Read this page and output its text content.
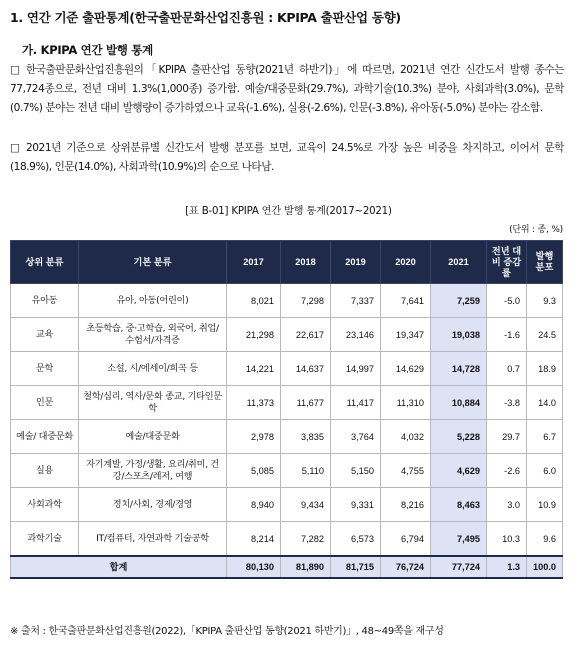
1. 연간 기준 출판통계(한국출판문화산업진흥원 : KPIPA 출판산업 동향)
가. KPIPA 연간 발행 통계
□ 한국출판문화산업진흥원의「KPIPA 출판산업 동향(2021년 하반기)」에 따르면, 2021년 연간 신간도서 발행 종수는 77,724종으로, 전년 대비 1.3%(1,000종) 증가함. 예술/대중문화(29.7%), 과학기술(10.3%) 분야, 사회과학(3.0%), 문학(0.7%) 분야는 전년 대비 발행량이 증가하였으나 교육(-1.6%), 실용(-2.6%), 인문(-3.8%), 유아동(-5.0%) 분야는 감소함.
□ 2021년 기준으로 상위분류별 신간도서 발행 분포를 보면, 교육이 24.5%로 가장 높은 비중을 차지하고, 이어서 문학(18.9%), 인문(14.0%), 사회과학(10.9%)의 순으로 나타남.
[표 B-01] KPIPA 연간 발행 통계(2017~2021)
(단위 : 종, %)
상위 분류	기본 분류	2017	2018	2019	2020	2021	전년 대비 증감률	발행 분포
유아동	유아, 아동(어린이)	8,021	7,298	7,337	7,641	7,259	-5.0	9.3
교육	초등학습, 중·고학습, 외국어, 취업/수험서/자격증	21,298	22,617	23,146	19,347	19,038	-1.6	24.5
문학	소설, 시/에세이/희곡 등	14,221	14,637	14,997	14,629	14,728	0.7	18.9
인문	철학/심리, 역사/문화 종교, 기타인문학	11,373	11,677	11,417	11,310	10,884	-3.8	14.0
예술/ 대중문화	예술/대중문화	2,978	3,835	3,764	4,032	5,228	29.7	6.7
실용	자기계발, 가정/생활, 요리/취미, 건강/스포츠/레저, 여행	5,085	5,110	5,150	4,755	4,629	-2.6	6.0
사회과학	정치/사회, 경제/경영	8,940	9,434	9,331	8,216	8,463	3.0	10.9
과학기술	IT/컴퓨터, 자연과학 기술공학	8,214	7,282	6,573	6,794	7,495	10.3	9.6
합계		80,130	81,890	81,715	76,724	77,724	1.3	100.0
※ 출처 : 한국출판문화산업진흥원(2022),「KPIPA 출판산업 동향(2021 하반기)」, 48~49쪽을 재구성
